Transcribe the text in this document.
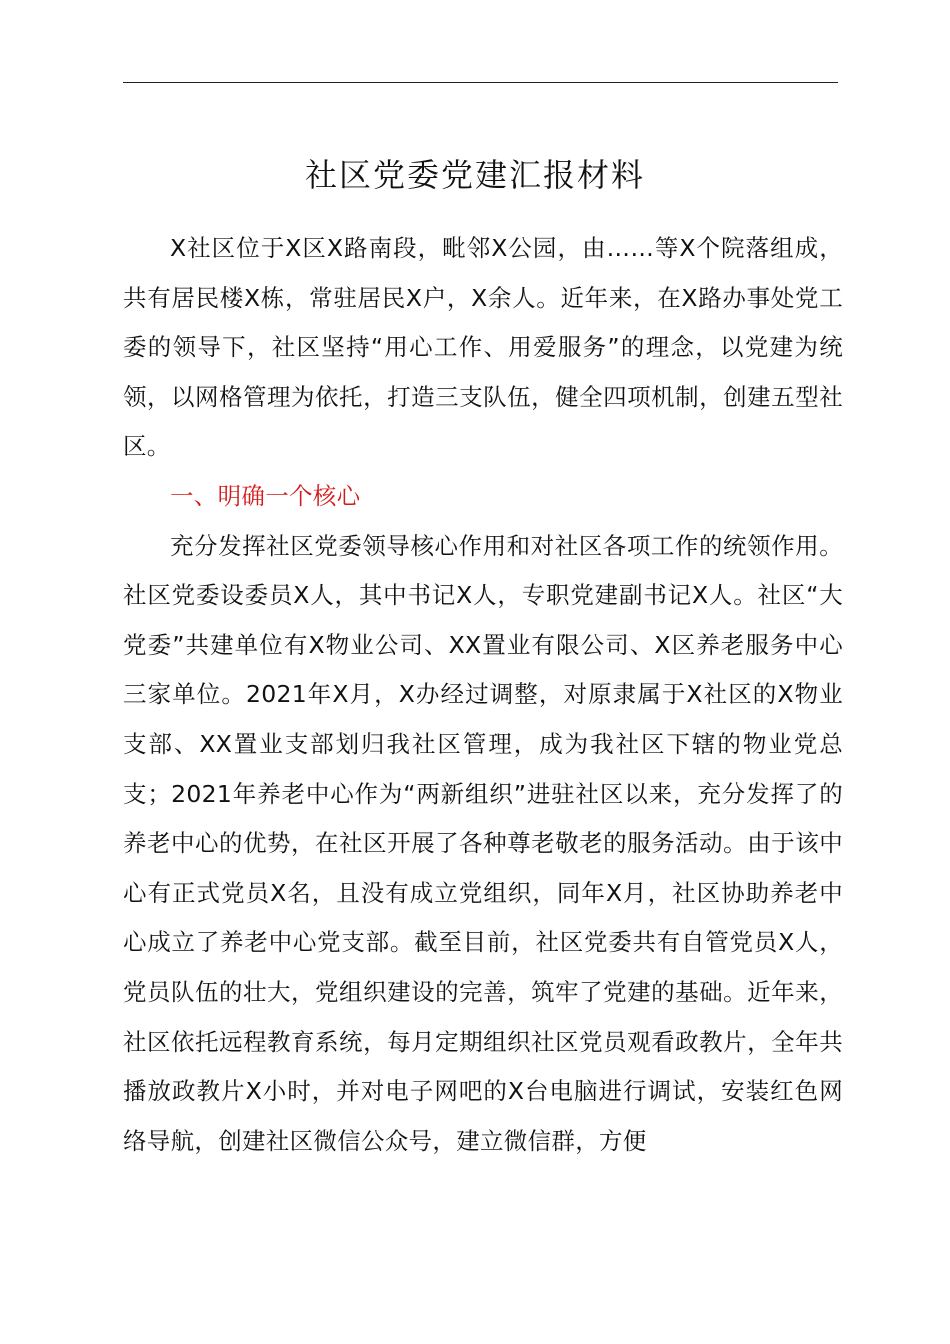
社区党委党建汇报材料

X社区位于X区X路南段，毗邻X公园，由……等X个院落组成，共有居民楼X栋，常驻居民X户，X余人。近年来，在X路办事处党工委的领导下，社区坚持“用心工作、用爱服务”的理念，以党建为统领，以网格管理为依托，打造三支队伍，健全四项机制，创建五型社区。

一、明确一个核心

充分发挥社区党委领导核心作用和对社区各项工作的统领作用。社区党委设委员X人，其中书记X人，专职党建副书记X人。社区“大党委”共建单位有X物业公司、XX置业有限公司、X区养老服务中心三家单位。2021年X月，X办经过调整，对原隶属于X社区的X物业支部、XX置业支部划归我社区管理，成为我社区下辖的物业党总支；2021年养老中心作为“两新组织”进驻社区以来，充分发挥了的养老中心的优势，在社区开展了各种尊老敬老的服务活动。由于该中心有正式党员X名，且没有成立党组织，同年X月，社区协助养老中心成立了养老中心党支部。截至目前，社区党委共有自管党员X人，党员队伍的壮大，党组织建设的完善，筑牢了党建的基础。近年来，社区依托远程教育系统，每月定期组织社区党员观看政教片，全年共播放政教片X小时，并对电子网吧的X台电脑进行调试，安装红色网络导航，创建社区微信公众号，建立微信群，方便
